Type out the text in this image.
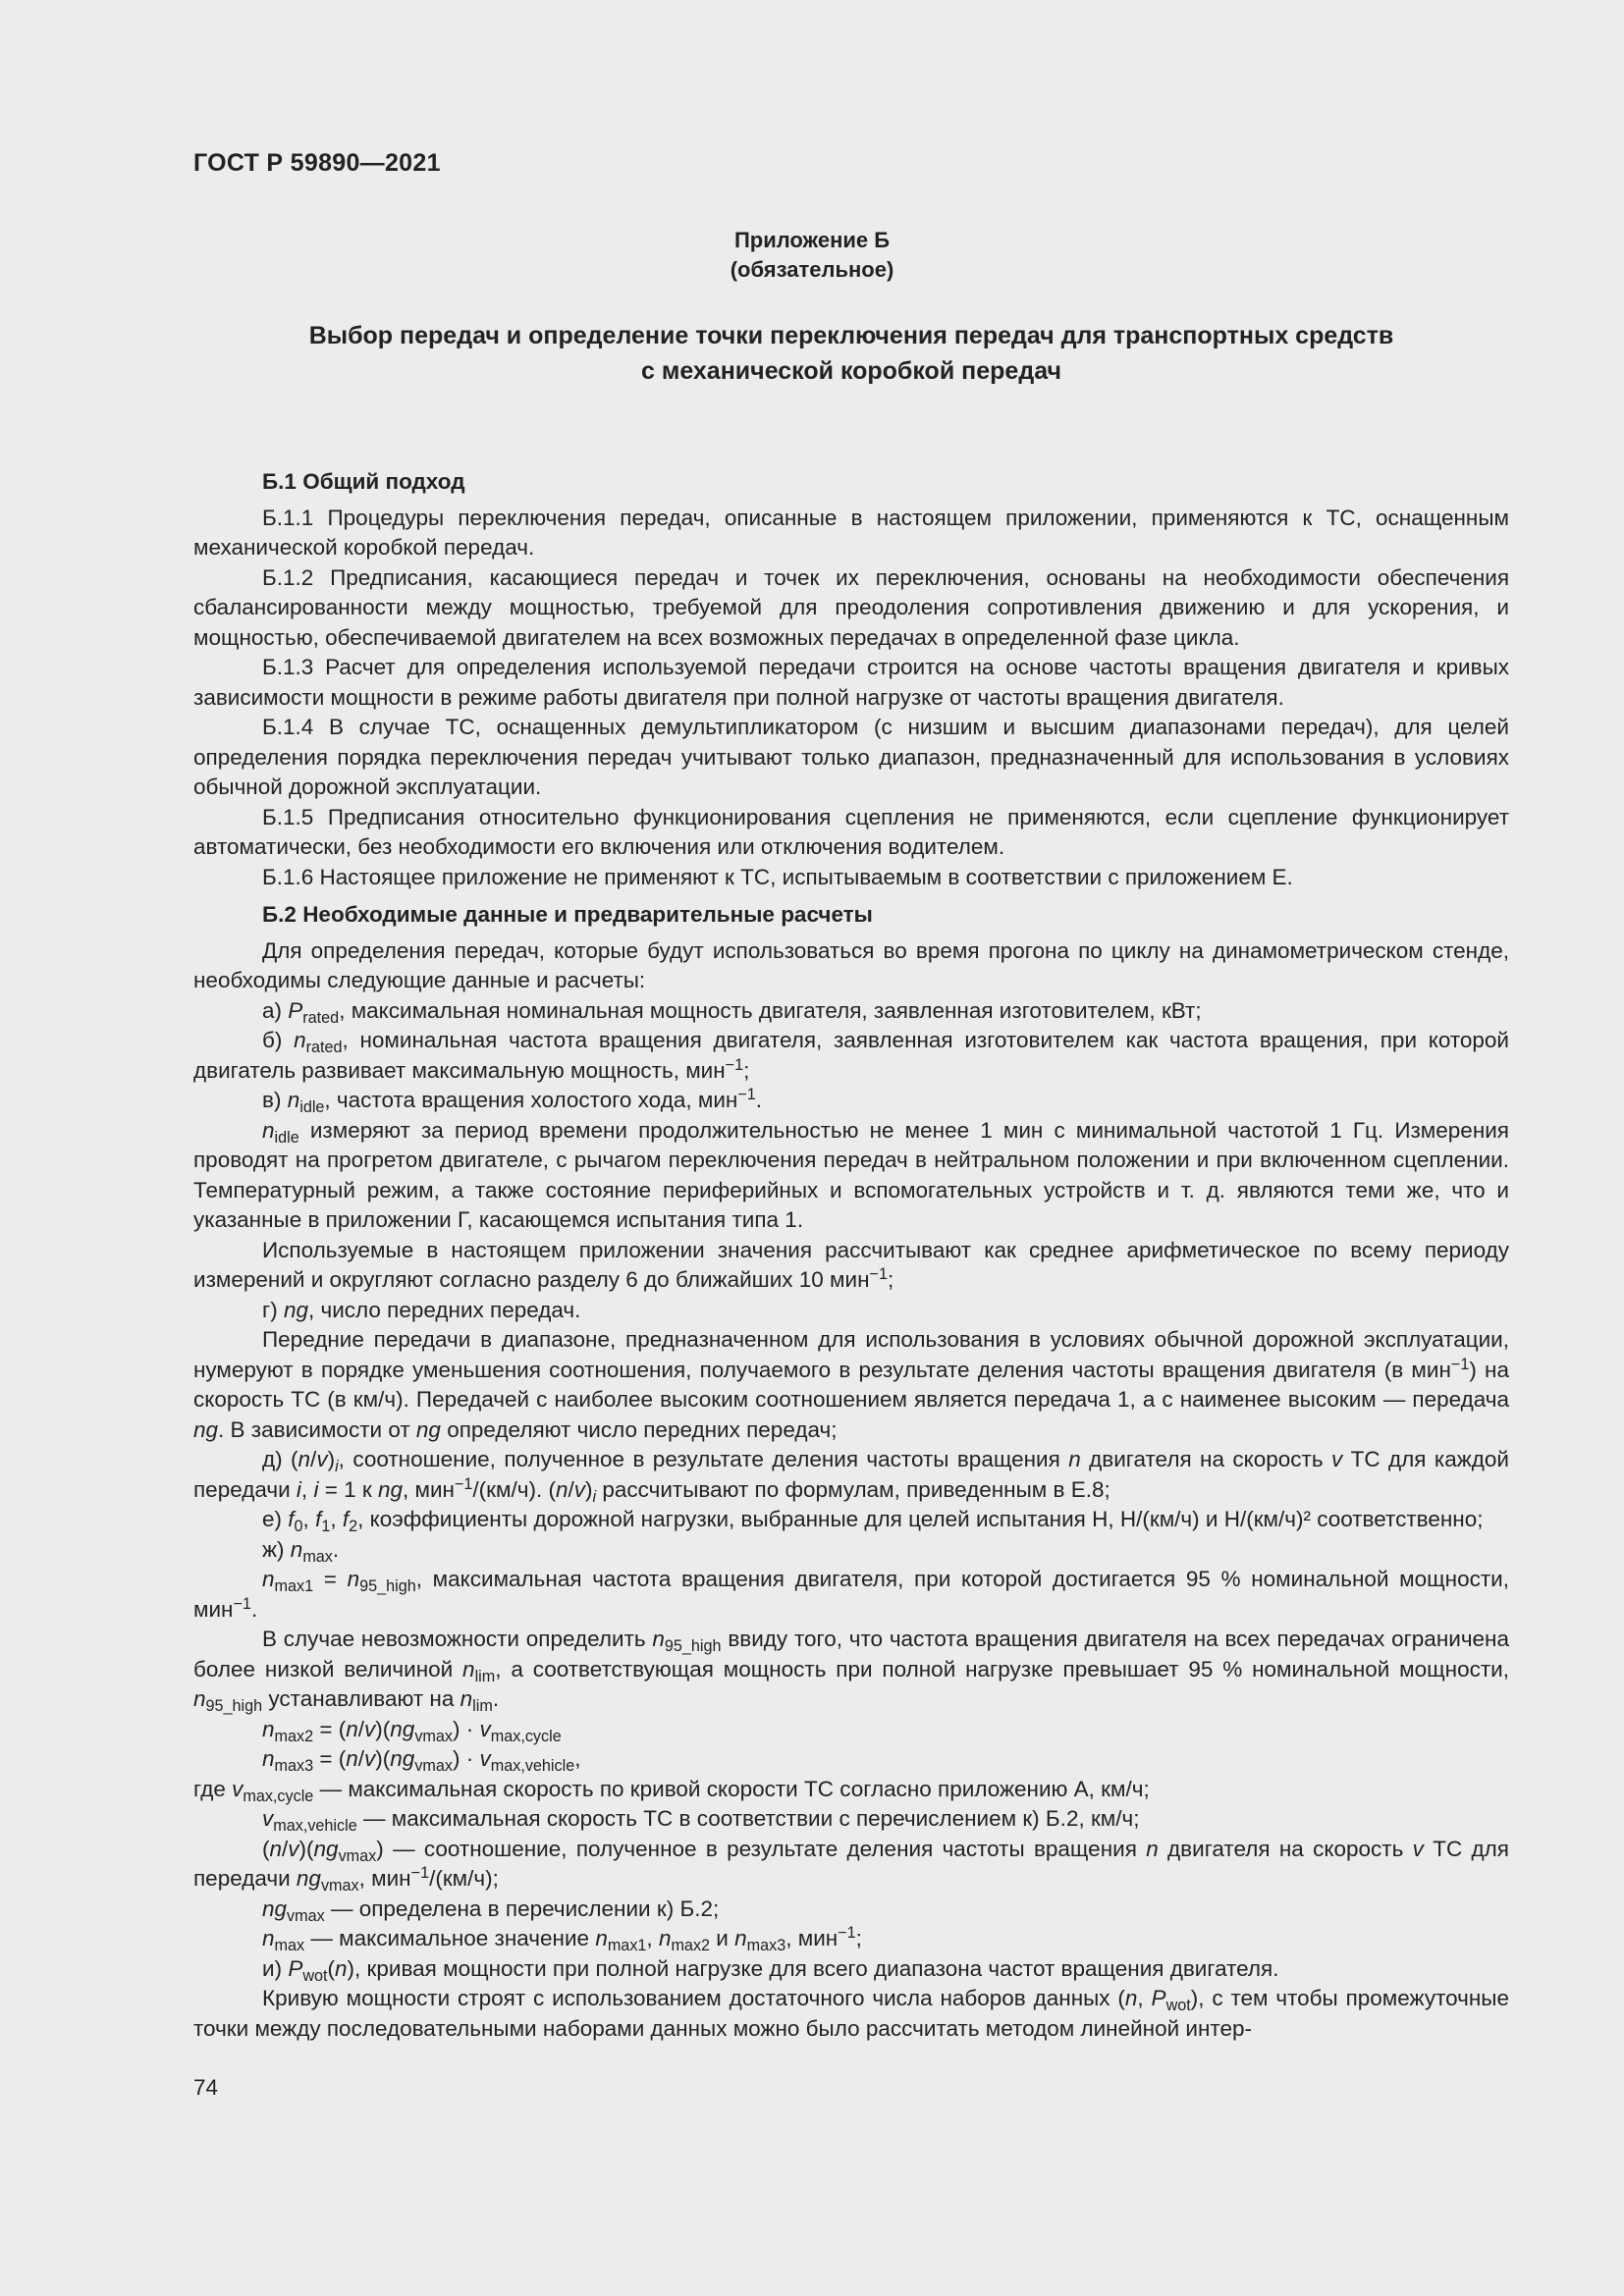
ГОСТ Р 59890—2021
Приложение Б
(обязательное)
Выбор передач и определение точки переключения передач для транспортных средств
с механической коробкой передач
Б.1 Общий подход

Б.1.1 Процедуры переключения передач, описанные в настоящем приложении, применяются к ТС, оснащенным механической коробкой передач.

Б.1.2 Предписания, касающиеся передач и точек их переключения, основаны на необходимости обеспечения сбалансированности между мощностью, требуемой для преодоления сопротивления движению и для ускорения, и мощностью, обеспечиваемой двигателем на всех возможных передачах в определенной фазе цикла.

Б.1.3 Расчет для определения используемой передачи строится на основе частоты вращения двигателя и кривых зависимости мощности в режиме работы двигателя при полной нагрузке от частоты вращения двигателя.

Б.1.4 В случае ТС, оснащенных демультипликатором (с низшим и высшим диапазонами передач), для целей определения порядка переключения передач учитывают только диапазон, предназначенный для использования в условиях обычной дорожной эксплуатации.

Б.1.5 Предписания относительно функционирования сцепления не применяются, если сцепление функционирует автоматически, без необходимости его включения или отключения водителем.

Б.1.6 Настоящее приложение не применяют к ТС, испытываемым в соответствии с приложением Е.

Б.2 Необходимые данные и предварительные расчеты

Для определения передач, которые будут использоваться во время прогона по циклу на динамометрическом стенде, необходимы следующие данные и расчеты:

а) $P_{rated}$, максимальная номинальная мощность двигателя, заявленная изготовителем, кВт;

б) $n_{rated}$, номинальная частота вращения двигателя, заявленная изготовителем как частота вращения, при которой двигатель развивает максимальную мощность, мин$^{-1}$;

в) $n_{idle}$, частота вращения холостого хода, мин$^{-1}$.

$n_{idle}$ измеряют за период времени продолжительностью не менее 1 мин с минимальной частотой 1 Гц. Измерения проводят на прогретом двигателе, с рычагом переключения передач в нейтральном положении и при включенном сцеплении. Температурный режим, а также состояние периферийных и вспомогательных устройств и т. д. являются теми же, что и указанные в приложении Г, касающемся испытания типа 1.

Используемые в настоящем приложении значения рассчитывают как среднее арифметическое по всему периоду измерений и округляют согласно разделу 6 до ближайших 10 мин$^{-1}$;

г) ng, число передних передач.

Передние передачи в диапазоне, предназначенном для использования в условиях обычной дорожной эксплуатации, нумеруют в порядке уменьшения соотношения, получаемого в результате деления частоты вращения двигателя (в мин$^{-1}$) на скорость ТС (в км/ч). Передачей с наиболее высоким соотношением является передача 1, а с наименее высоким — передача ng. В зависимости от ng определяют число передних передач;

д) $(n/v)_i$, соотношение, полученное в результате деления частоты вращения n двигателя на скорость v ТС для каждой передачи i, i = 1 к ng, мин$^{-1}$/(км/ч). $(n/v)_i$ рассчитывают по формулам, приведенным в Е.8;

е) $f_0$, $f_1$, $f_2$, коэффициенты дорожной нагрузки, выбранные для целей испытания Н, Н/(км/ч) и Н/(км/ч)² соответственно;

ж) $n_{max}$.

$n_{max1} = n_{95\_high}$, максимальная частота вращения двигателя, при которой достигается 95 % номинальной мощности, мин$^{-1}$.

В случае невозможности определить $n_{95\_high}$ ввиду того, что частота вращения двигателя на всех передачах ограничена более низкой величиной $n_{lim}$, а соответствующая мощность при полной нагрузке превышает 95 % номинальной мощности, $n_{95\_high}$ устанавливают на $n_{lim}$.

$n_{max2} = (n/v)(ng_{vmax}) \cdot v_{max,cycle}$

$n_{max3} = (n/v)(ng_{vmax}) \cdot v_{max,vehicle}$,

где $v_{max,cycle}$ — максимальная скорость по кривой скорости ТС согласно приложению А, км/ч;

$v_{max,vehicle}$ — максимальная скорость ТС в соответствии с перечислением к) Б.2, км/ч;

$(n/v)(ng_{vmax})$ — соотношение, полученное в результате деления частоты вращения n двигателя на скорость v ТС для передачи $ng_{vmax}$, мин$^{-1}$/(км/ч);

$ng_{vmax}$ — определена в перечислении к) Б.2;

$n_{max}$ — максимальное значение $n_{max1}$, $n_{max2}$ и $n_{max3}$, мин$^{-1}$;

и) $P_{wot}(n)$, кривая мощности при полной нагрузке для всего диапазона частот вращения двигателя.

Кривую мощности строят с использованием достаточного числа наборов данных (n, $P_{wot}$), с тем чтобы промежуточные точки между последовательными наборами данных можно было рассчитать методом линейной интер-

74
